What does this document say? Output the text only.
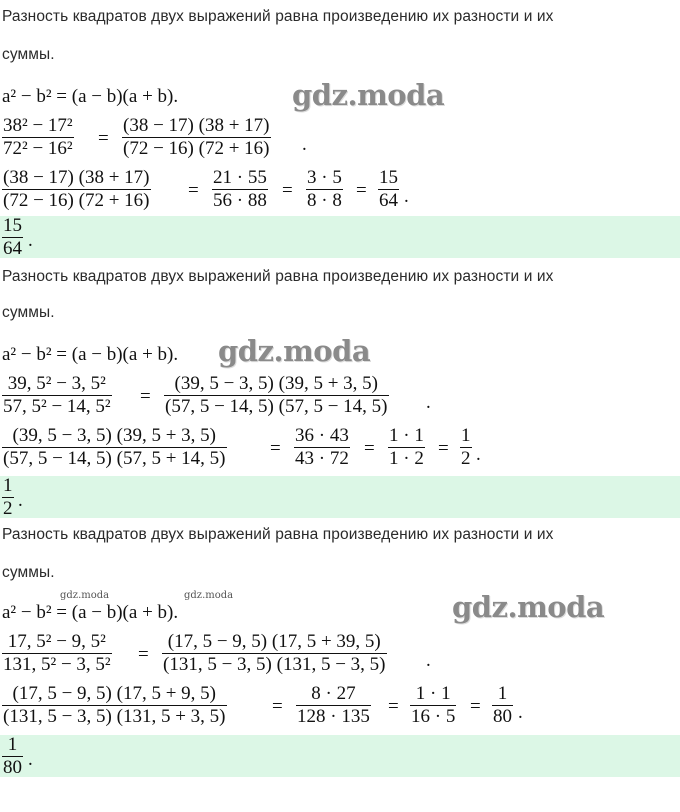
Разность квадратов двух выражений равна произведению их разности и их
суммы.
a² − b² = (a − b)(a + b).	gdz.moda
38² − 17²
72² − 16² =
(38 − 17) (38 + 17)
(72 − 16) (72 + 16) .
(38 − 17) (38 + 17)
(72 − 16) (72 + 16) =
21 · 55
56 · 88 =
3 · 5
8 · 8 =
15
64 .
15
64 .
Разность квадратов двух выражений равна произведению их разности и их
суммы.
a² − b² = (a − b)(a + b). gdz.moda
39, 5² − 3, 5²
57, 5² − 14, 5² =
(39, 5 − 3, 5) (39, 5 + 3, 5)
(57, 5 − 14, 5) (57, 5 − 14, 5) .
(39, 5 − 3, 5) (39, 5 + 3, 5)
(57, 5 − 14, 5) (57, 5 + 14, 5) =
36 · 43
43 · 72 =
1 · 1
1 · 2 =
1
2 .
1
2 .
Разность квадратов двух выражений равна произведению их разности и их
суммы.
gdz.moda	gdz.moda
a² − b² = (a − b)(a + b).	gdz.moda
17, 5² − 9, 5²
131, 5² − 3, 5² =
(17, 5 − 9, 5) (17, 5 + 39, 5)
(131, 5 − 3, 5) (131, 5 − 3, 5) .
(17, 5 − 9, 5) (17, 5 + 9, 5)
(131, 5 − 3, 5) (131, 5 + 3, 5) =
8 · 27
128 · 135 =
1 · 1
16 · 5 =
1
80 .
1
80 .
